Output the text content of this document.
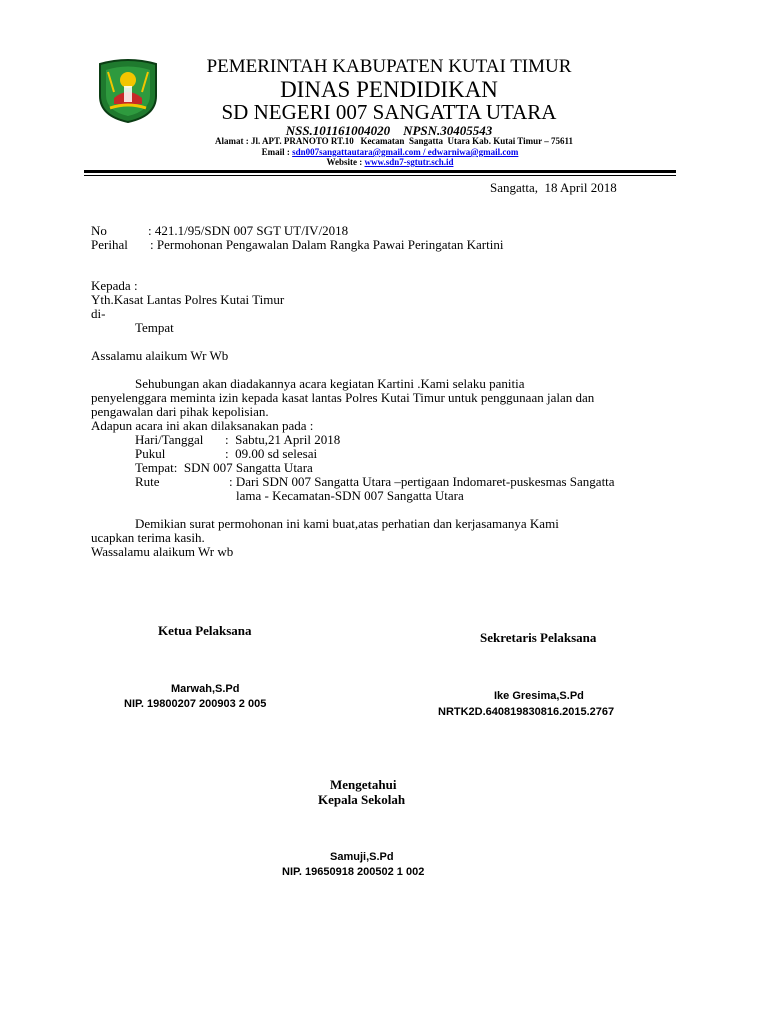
PEMERINTAH KABUPATEN KUTAI TIMUR
DINAS PENDIDIKAN
SD NEGERI 007 SANGATTA UTARA
NSS.101161004020    NPSN.30405543
Alamat : Jl. APT. PRANOTO RT.10   Kecamatan  Sangatta  Utara Kab. Kutai Timur – 75611
Email : sdn007sangattautara@gmail.com / edwarniwa@gmail.com
Website : www.sdn7-sgtutr.sch.id
Sangatta,  18 April 2018
No	: 421.1/95/SDN 007 SGT UT/IV/2018
Perihal : Permohonan Pengawalan Dalam Rangka Pawai Peringatan Kartini
Kepada :
Yth.Kasat Lantas Polres Kutai Timur
di-
Tempat
Assalamu alaikum Wr Wb
Sehubungan akan diadakannya acara kegiatan Kartini .Kami selaku panitia
penyelenggara meminta izin kepada kasat lantas Polres Kutai Timur untuk penggunaan jalan dan
pengawalan dari pihak kepolisian.
Adapun acara ini akan dilaksanakan pada :
Hari/Tanggal :  Sabtu,21 April 2018
Pukul	:  09.00 sd selesai
Tempat:  SDN 007 Sangatta Utara
Rute	: Dari SDN 007 Sangatta Utara –pertigaan Indomaret-puskesmas Sangatta
lama - Kecamatan-SDN 007 Sangatta Utara
Demikian surat permohonan ini kami buat,atas perhatian dan kerjasamanya Kami
ucapkan terima kasih.
Wassalamu alaikum Wr wb
Ketua Pelaksana
Marwah,S.Pd
NIP. 19800207 200903 2 005
Sekretaris Pelaksana
Ike Gresima,S.Pd
NRTK2D.640819830816.2015.2767
Mengetahui
Kepala Sekolah
Samuji,S.Pd
NIP. 19650918 200502 1 002
